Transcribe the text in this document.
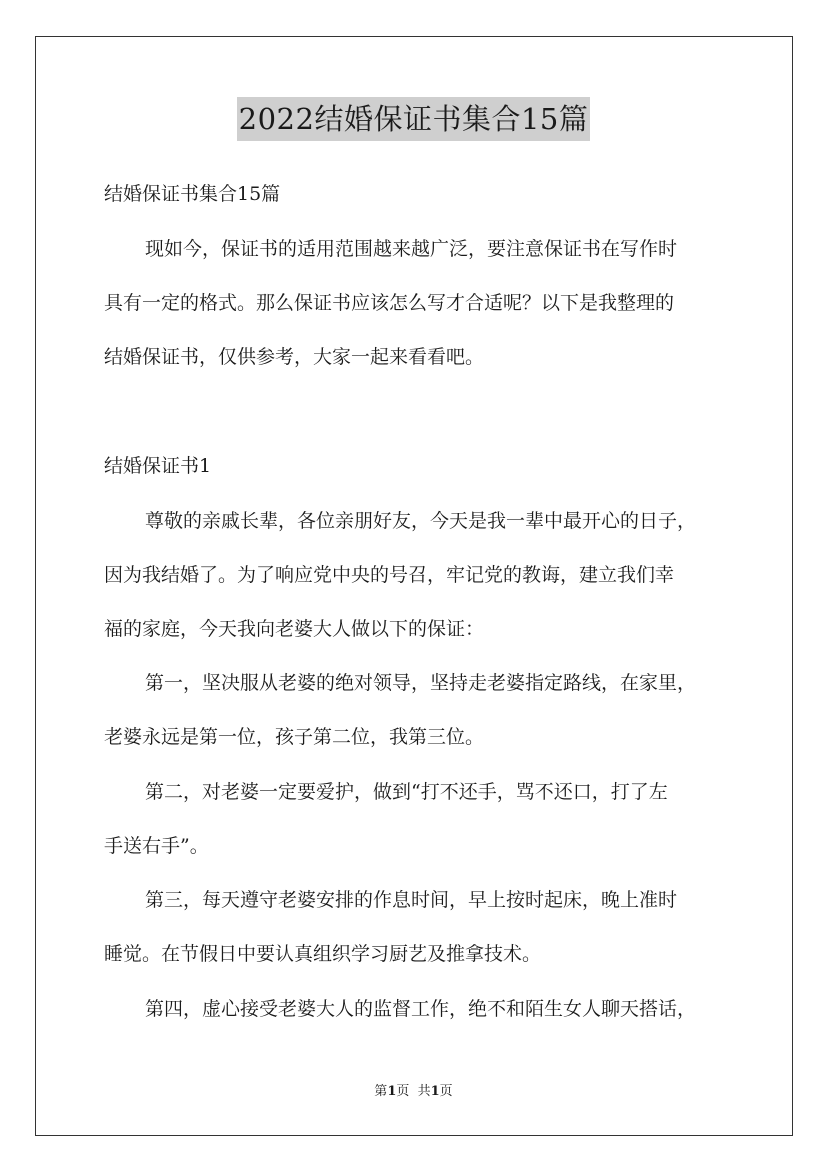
2022结婚保证书集合15篇
结婚保证书集合15篇
现如今，保证书的适用范围越来越广泛，要注意保证书在写作时
具有一定的格式。那么保证书应该怎么写才合适呢？以下是我整理的
结婚保证书，仅供参考，大家一起来看看吧。
结婚保证书1
尊敬的亲戚长辈，各位亲朋好友，今天是我一辈中最开心的日子，
因为我结婚了。为了响应党中央的号召，牢记党的教诲，建立我们幸
福的家庭，今天我向老婆大人做以下的保证：
第一，坚决服从老婆的绝对领导，坚持走老婆指定路线，在家里，
老婆永远是第一位，孩子第二位，我第三位。
第二，对老婆一定要爱护，做到“打不还手，骂不还口，打了左
手送右手”。
第三，每天遵守老婆安排的作息时间，早上按时起床，晚上准时
睡觉。在节假日中要认真组织学习厨艺及推拿技术。
第四，虚心接受老婆大人的监督工作，绝不和陌生女人聊天搭话，
第1页  共1页
